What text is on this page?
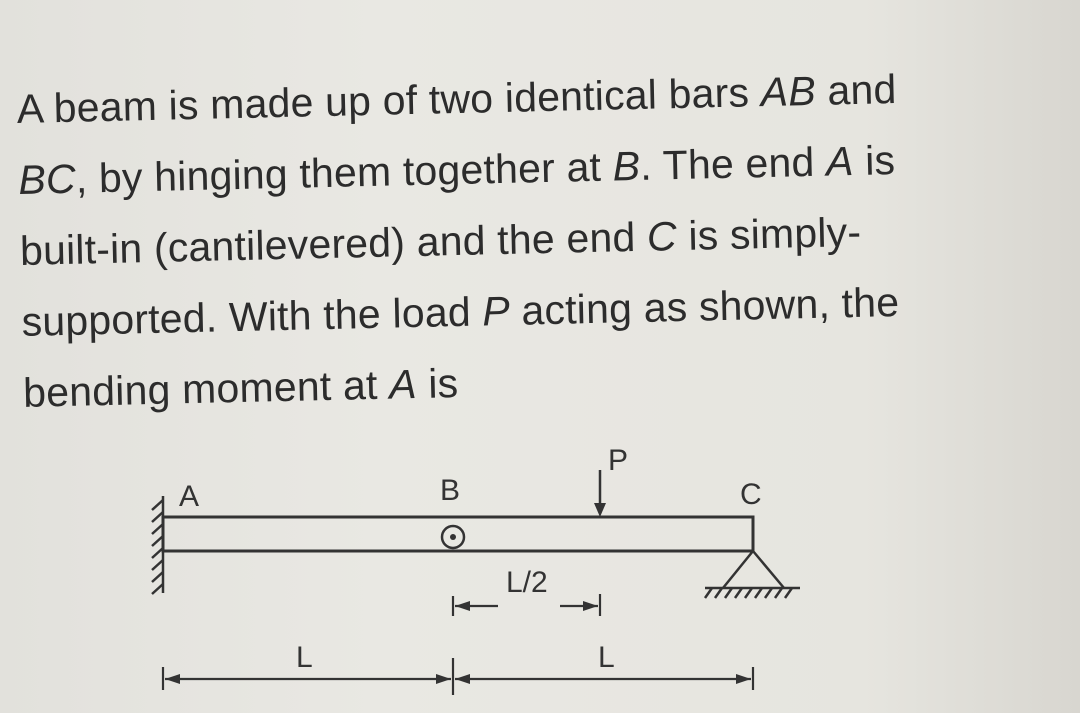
A beam is made up of two identical bars AB and
BC, by hinging them together at B. The end A is
built-in (cantilevered) and the end C is simply-
supported. With the load P acting as shown, the
bending moment at A is
A	B
P
C
L/2
L	L
